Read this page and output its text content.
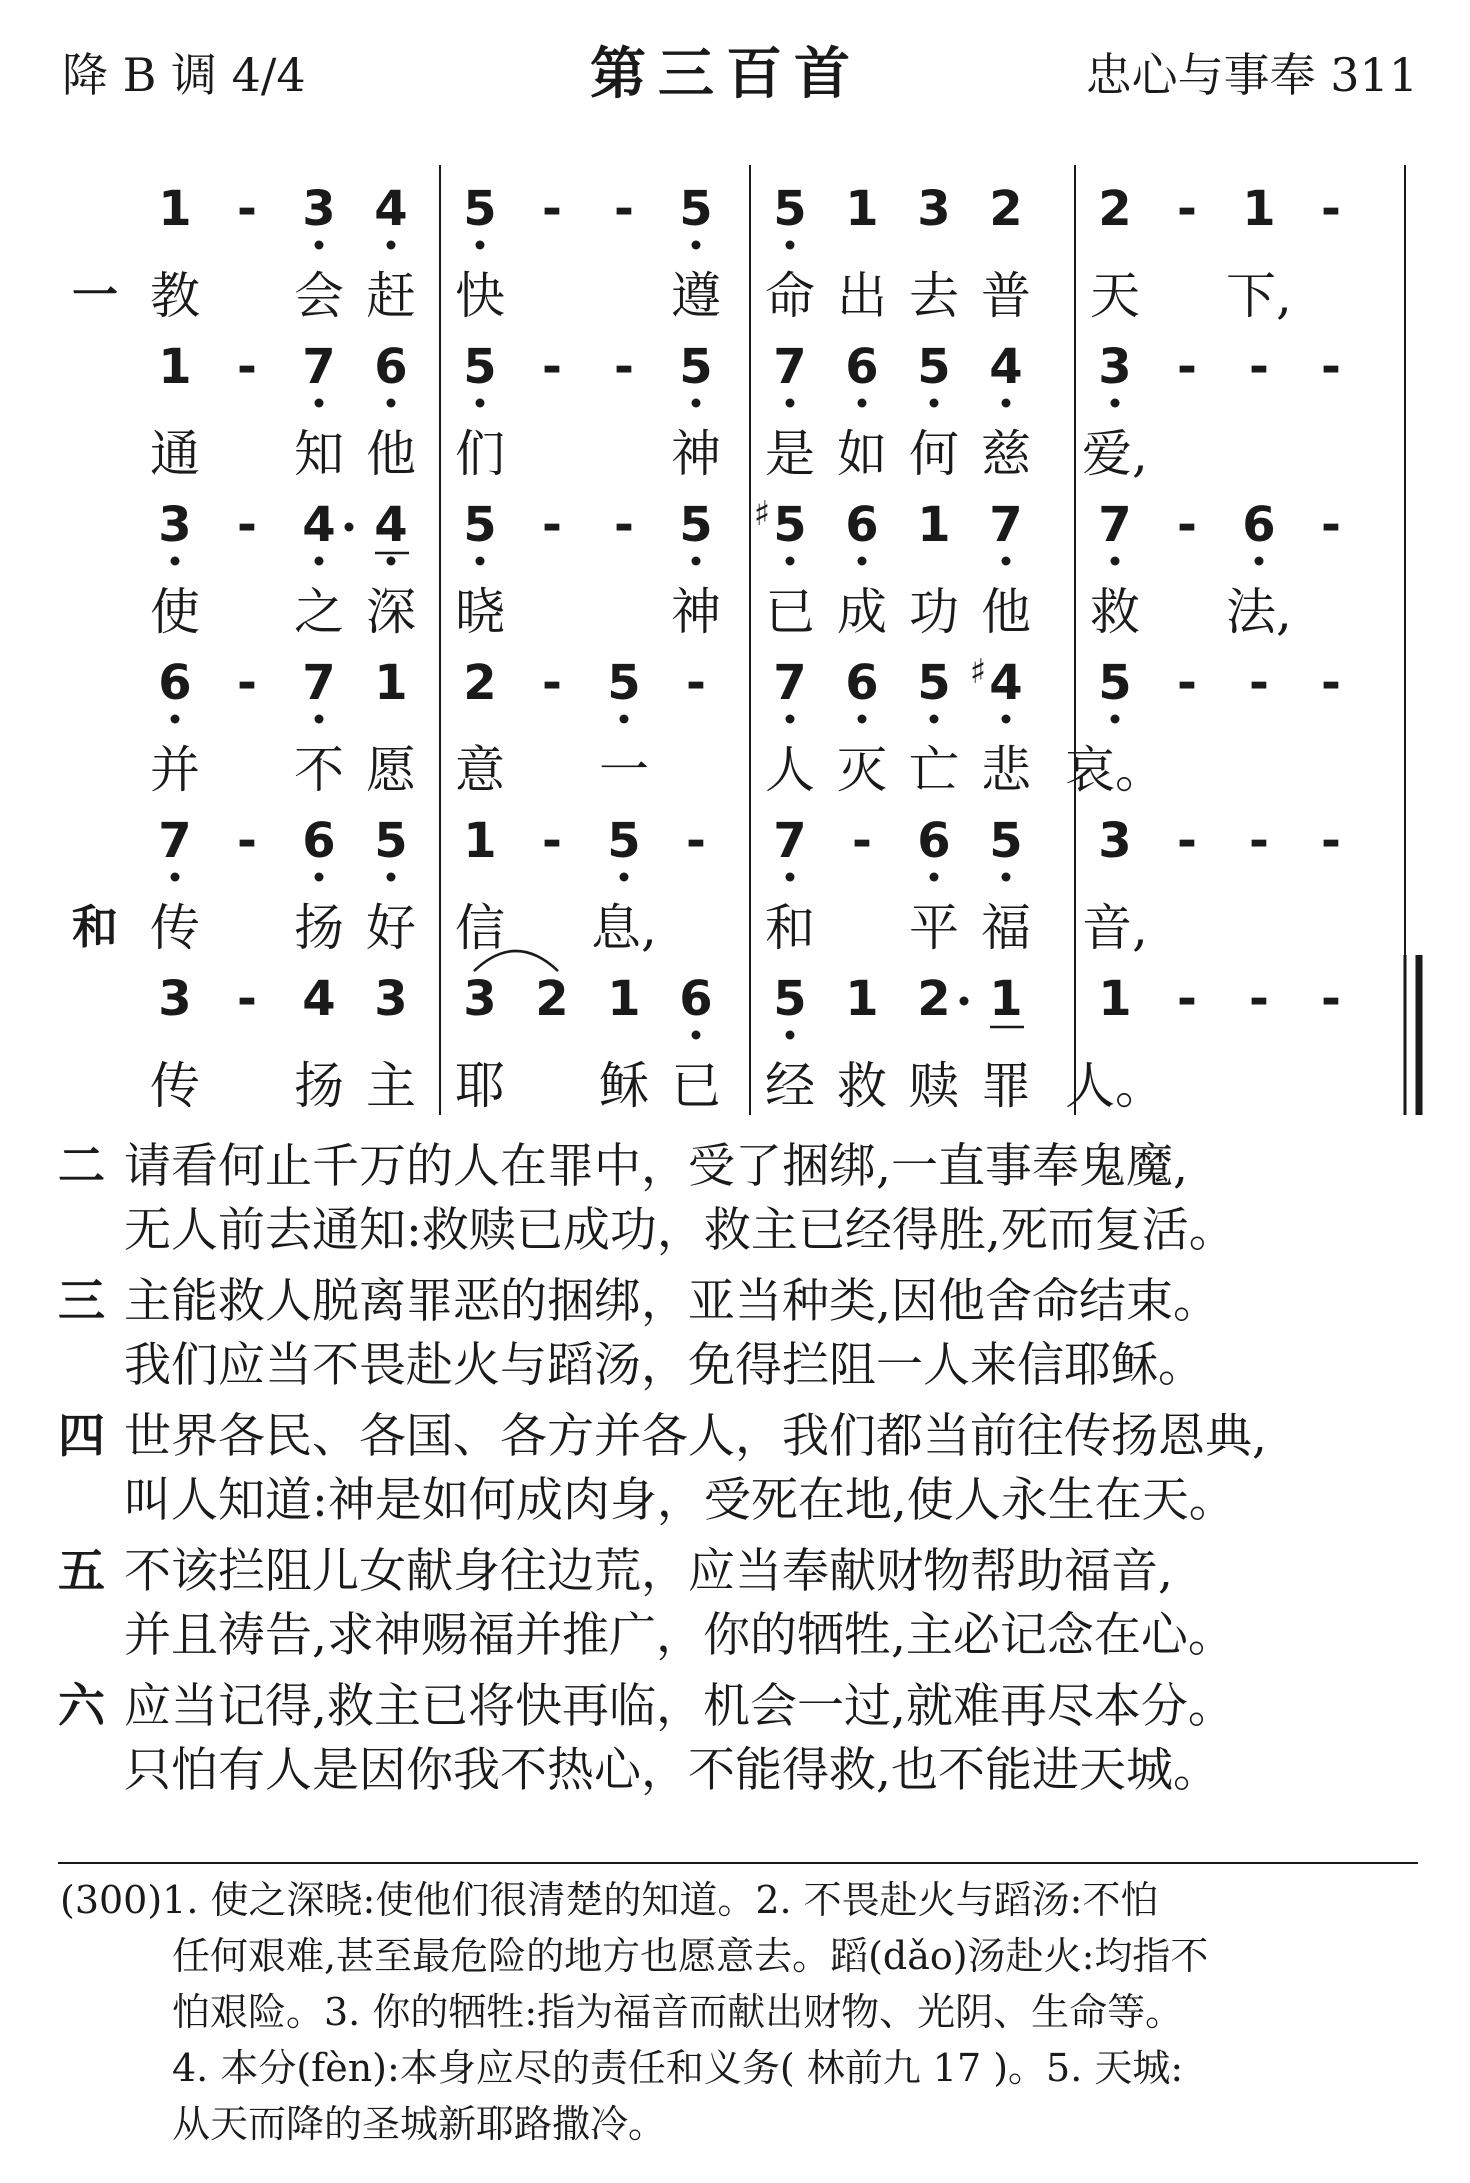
降 B 调 4/4	第三百首	忠心与事奉 311
一
1
教
- 3
会
4
赶
5
快
- - 5
遵
5
命
1
出
3
去
2
普
2
天
- 1
下,
-
1
通
- 7
知
6
他
5
们
- - 5
神
7
是
6
如
5
何
4
慈
3
爱,
- - -
3
使
- 4
之
4
深
5
晓
- - 5
神
5
♯
已
6
成
1
功
7
他
7
救
- 6
法,
-
6
并
- 7
不
1
愿
2
意
- 5
一
- 7
人
6
灭
5
亡
4
♯
悲
5
哀。
- - -
和
7
传
- 6
扬
5
好
1
信
- 5
息,
- 7
和
- 6
平
5
福
3
音,
- - -
3
传
- 4
扬
3
主
3
耶
2 1
稣
6
已
5
经
1
救
2
赎
1
罪
1
人。
- - -
二 请看何止千万的人在罪中，受了捆绑,一直事奉鬼魔,
无人前去通知:救赎已成功，救主已经得胜,死而复活。
三 主能救人脱离罪恶的捆绑，亚当种类,因他舍命结束。
我们应当不畏赴火与蹈汤，免得拦阻一人来信耶稣。
四 世界各民、各国、各方并各人，我们都当前往传扬恩典,
叫人知道:神是如何成肉身，受死在地,使人永生在天。
五 不该拦阻儿女献身往边荒，应当奉献财物帮助福音,
并且祷告,求神赐福并推广，你的牺牲,主必记念在心。
六 应当记得,救主已将快再临，机会一过,就难再尽本分。
只怕有人是因你我不热心，不能得救,也不能进天城。
(300)1. 使之深晓:使他们很清楚的知道。2. 不畏赴火与蹈汤:不怕
任何艰难,甚至最危险的地方也愿意去。蹈(dǎo)汤赴火:均指不
怕艰险。3. 你的牺牲:指为福音而献出财物、光阴、生命等。
4. 本分(fèn):本身应尽的责任和义务( 林前九 17 )。5. 天城:
从天而降的圣城新耶路撒冷。
